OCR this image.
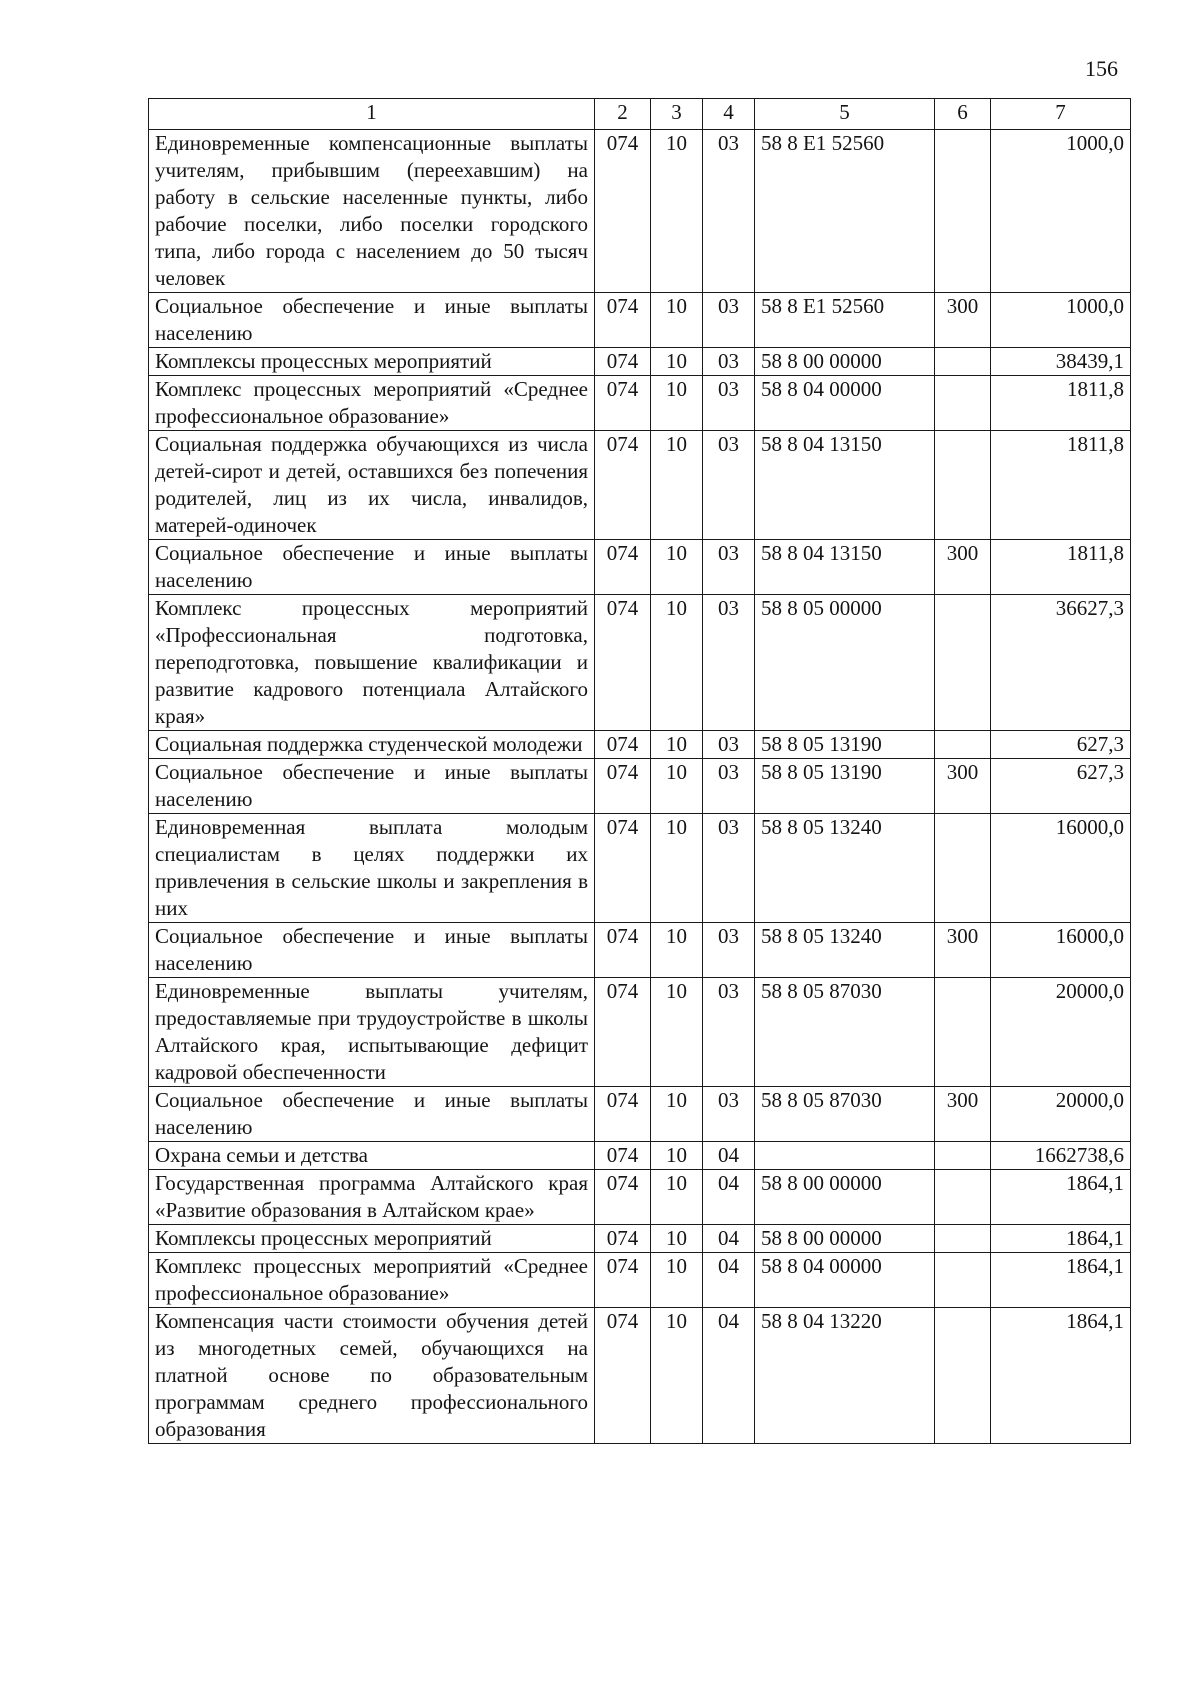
156
1	2	3	4	5	6	7
Единовременные компенсационные выплаты учителям, прибывшим (переехавшим) на работу в сельские населенные пункты, либо рабочие поселки, либо поселки городского типа, либо города с населением до 50 тысяч человек	074	10	03	58 8 E1 52560		1000,0
Социальное обеспечение и иные выплаты населению	074	10	03	58 8 E1 52560	300	1000,0
Комплексы процессных мероприятий	074	10	03	58 8 00 00000		38439,1
Комплекс процессных мероприятий «Среднее профессиональное образование»	074	10	03	58 8 04 00000		1811,8
Социальная поддержка обучающихся из числа детей-сирот и детей, оставшихся без попечения родителей, лиц из их числа, инвалидов, матерей-одиночек	074	10	03	58 8 04 13150		1811,8
Социальное обеспечение и иные выплаты населению	074	10	03	58 8 04 13150	300	1811,8
Комплекс процессных мероприятий «Профессиональная подготовка, переподготовка, повышение квалификации и развитие кадрового потенциала Алтайского края»	074	10	03	58 8 05 00000		36627,3
Социальная поддержка студенческой молодежи	074	10	03	58 8 05 13190		627,3
Социальное обеспечение и иные выплаты населению	074	10	03	58 8 05 13190	300	627,3
Единовременная выплата молодым специалистам в целях поддержки их привлечения в сельские школы и закрепления в них	074	10	03	58 8 05 13240		16000,0
Социальное обеспечение и иные выплаты населению	074	10	03	58 8 05 13240	300	16000,0
Единовременные выплаты учителям, предоставляемые при трудоустройстве в школы Алтайского края, испытывающие дефицит кадровой обеспеченности	074	10	03	58 8 05 87030		20000,0
Социальное обеспечение и иные выплаты населению	074	10	03	58 8 05 87030	300	20000,0
Охрана семьи и детства	074	10	04			1662738,6
Государственная программа Алтайского края «Развитие образования в Алтайском крае»	074	10	04	58 8 00 00000		1864,1
Комплексы процессных мероприятий	074	10	04	58 8 00 00000		1864,1
Комплекс процессных мероприятий «Среднее профессиональное образование»	074	10	04	58 8 04 00000		1864,1
Компенсация части стоимости обучения детей из многодетных семей, обучающихся на платной основе по образовательным программам среднего профессионального образования	074	10	04	58 8 04 13220		1864,1
